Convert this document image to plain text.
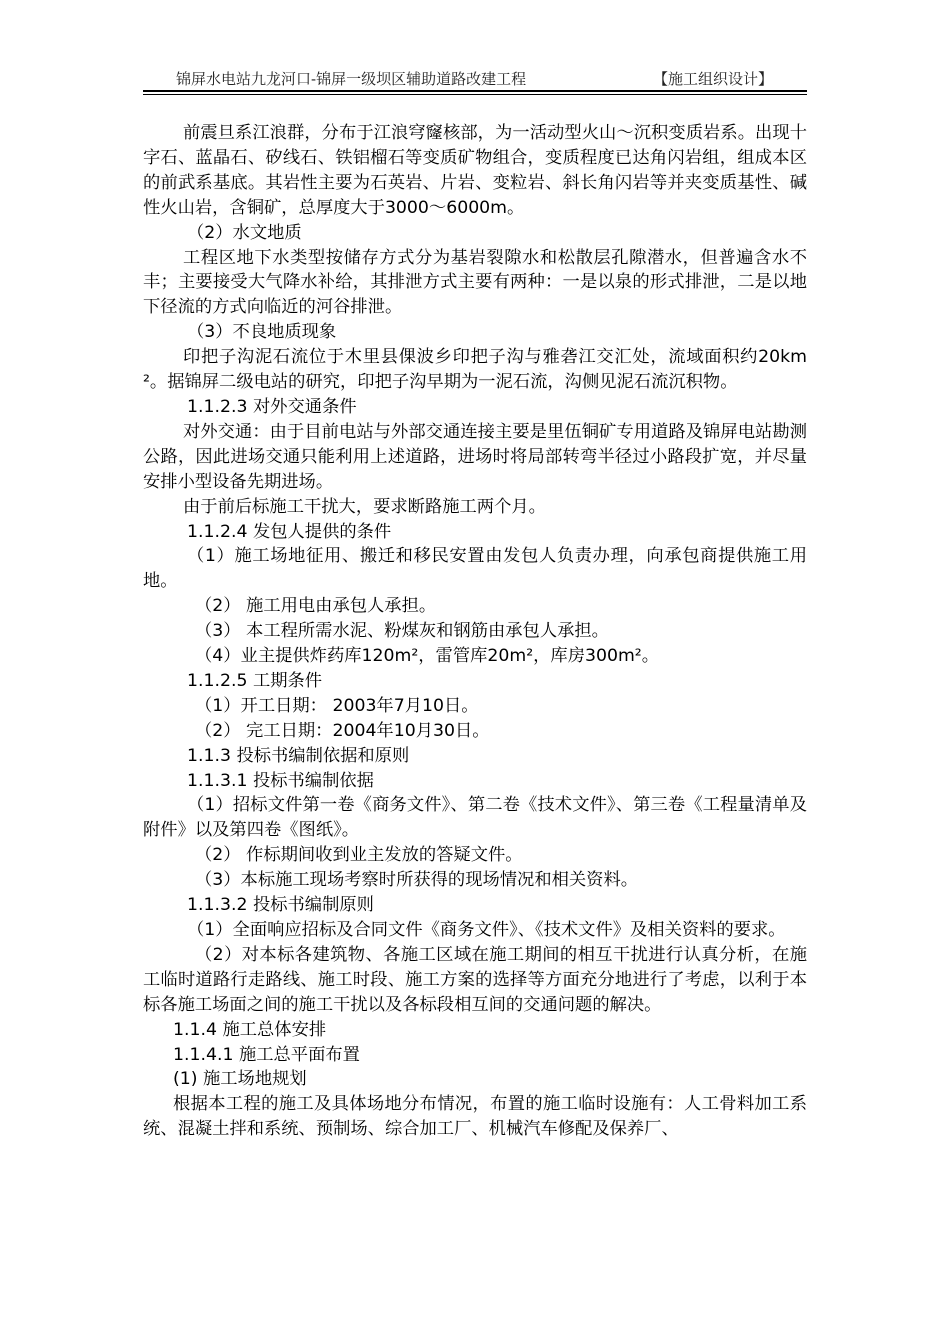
锦屏水电站九龙河口-锦屏一级坝区辅助道路改建工程	【施工组织设计】

前震旦系江浪群，分布于江浪穹窿核部，为一活动型火山～沉积变质岩系。出现十字石、蓝晶石、矽线石、铁铝榴石等变质矿物组合，变质程度已达角闪岩组，组成本区的前武系基底。其岩性主要为石英岩、片岩、变粒岩、斜长角闪岩等并夹变质基性、碱性火山岩，含铜矿，总厚度大于3000～6000m。

（2）水文地质

工程区地下水类型按储存方式分为基岩裂隙水和松散层孔隙潜水，但普遍含水不丰；主要接受大气降水补给，其排泄方式主要有两种：一是以泉的形式排泄，二是以地下径流的方式向临近的河谷排泄。

（3）不良地质现象

印把子沟泥石流位于木里县倮波乡印把子沟与雅砻江交汇处，流域面积约20km²。据锦屏二级电站的研究，印把子沟早期为一泥石流，沟侧见泥石流沉积物。

1.1.2.3 对外交通条件

对外交通：由于目前电站与外部交通连接主要是里伍铜矿专用道路及锦屏电站勘测公路，因此进场交通只能利用上述道路，进场时将局部转弯半径过小路段扩宽，并尽量安排小型设备先期进场。

由于前后标施工干扰大，要求断路施工两个月。

1.1.2.4 发包人提供的条件

（1）施工场地征用、搬迁和移民安置由发包人负责办理，向承包商提供施工用地。

（2） 施工用电由承包人承担。

（3） 本工程所需水泥、粉煤灰和钢筋由承包人承担。

（4）业主提供炸药库120m²，雷管库20m²，库房300m²。

1.1.2.5 工期条件

（1）开工日期： 2003年7月10日。

（2） 完工日期：2004年10月30日。

1.1.3 投标书编制依据和原则

1.1.3.1 投标书编制依据

（1）招标文件第一卷《商务文件》、第二卷《技术文件》、第三卷《工程量清单及附件》以及第四卷《图纸》。

（2） 作标期间收到业主发放的答疑文件。

（3）本标施工现场考察时所获得的现场情况和相关资料。

1.1.3.2 投标书编制原则

（1）全面响应招标及合同文件《商务文件》、《技术文件》及相关资料的要求。

（2）对本标各建筑物、各施工区域在施工期间的相互干扰进行认真分析，在施工临时道路行走路线、施工时段、施工方案的选择等方面充分地进行了考虑，以利于本标各施工场面之间的施工干扰以及各标段相互间的交通问题的解决。

1.1.4 施工总体安排

1.1.4.1 施工总平面布置

(1) 施工场地规划

根据本工程的施工及具体场地分布情况，布置的施工临时设施有：人工骨料加工系统、混凝土拌和系统、预制场、综合加工厂、机械汽车修配及保养厂、
